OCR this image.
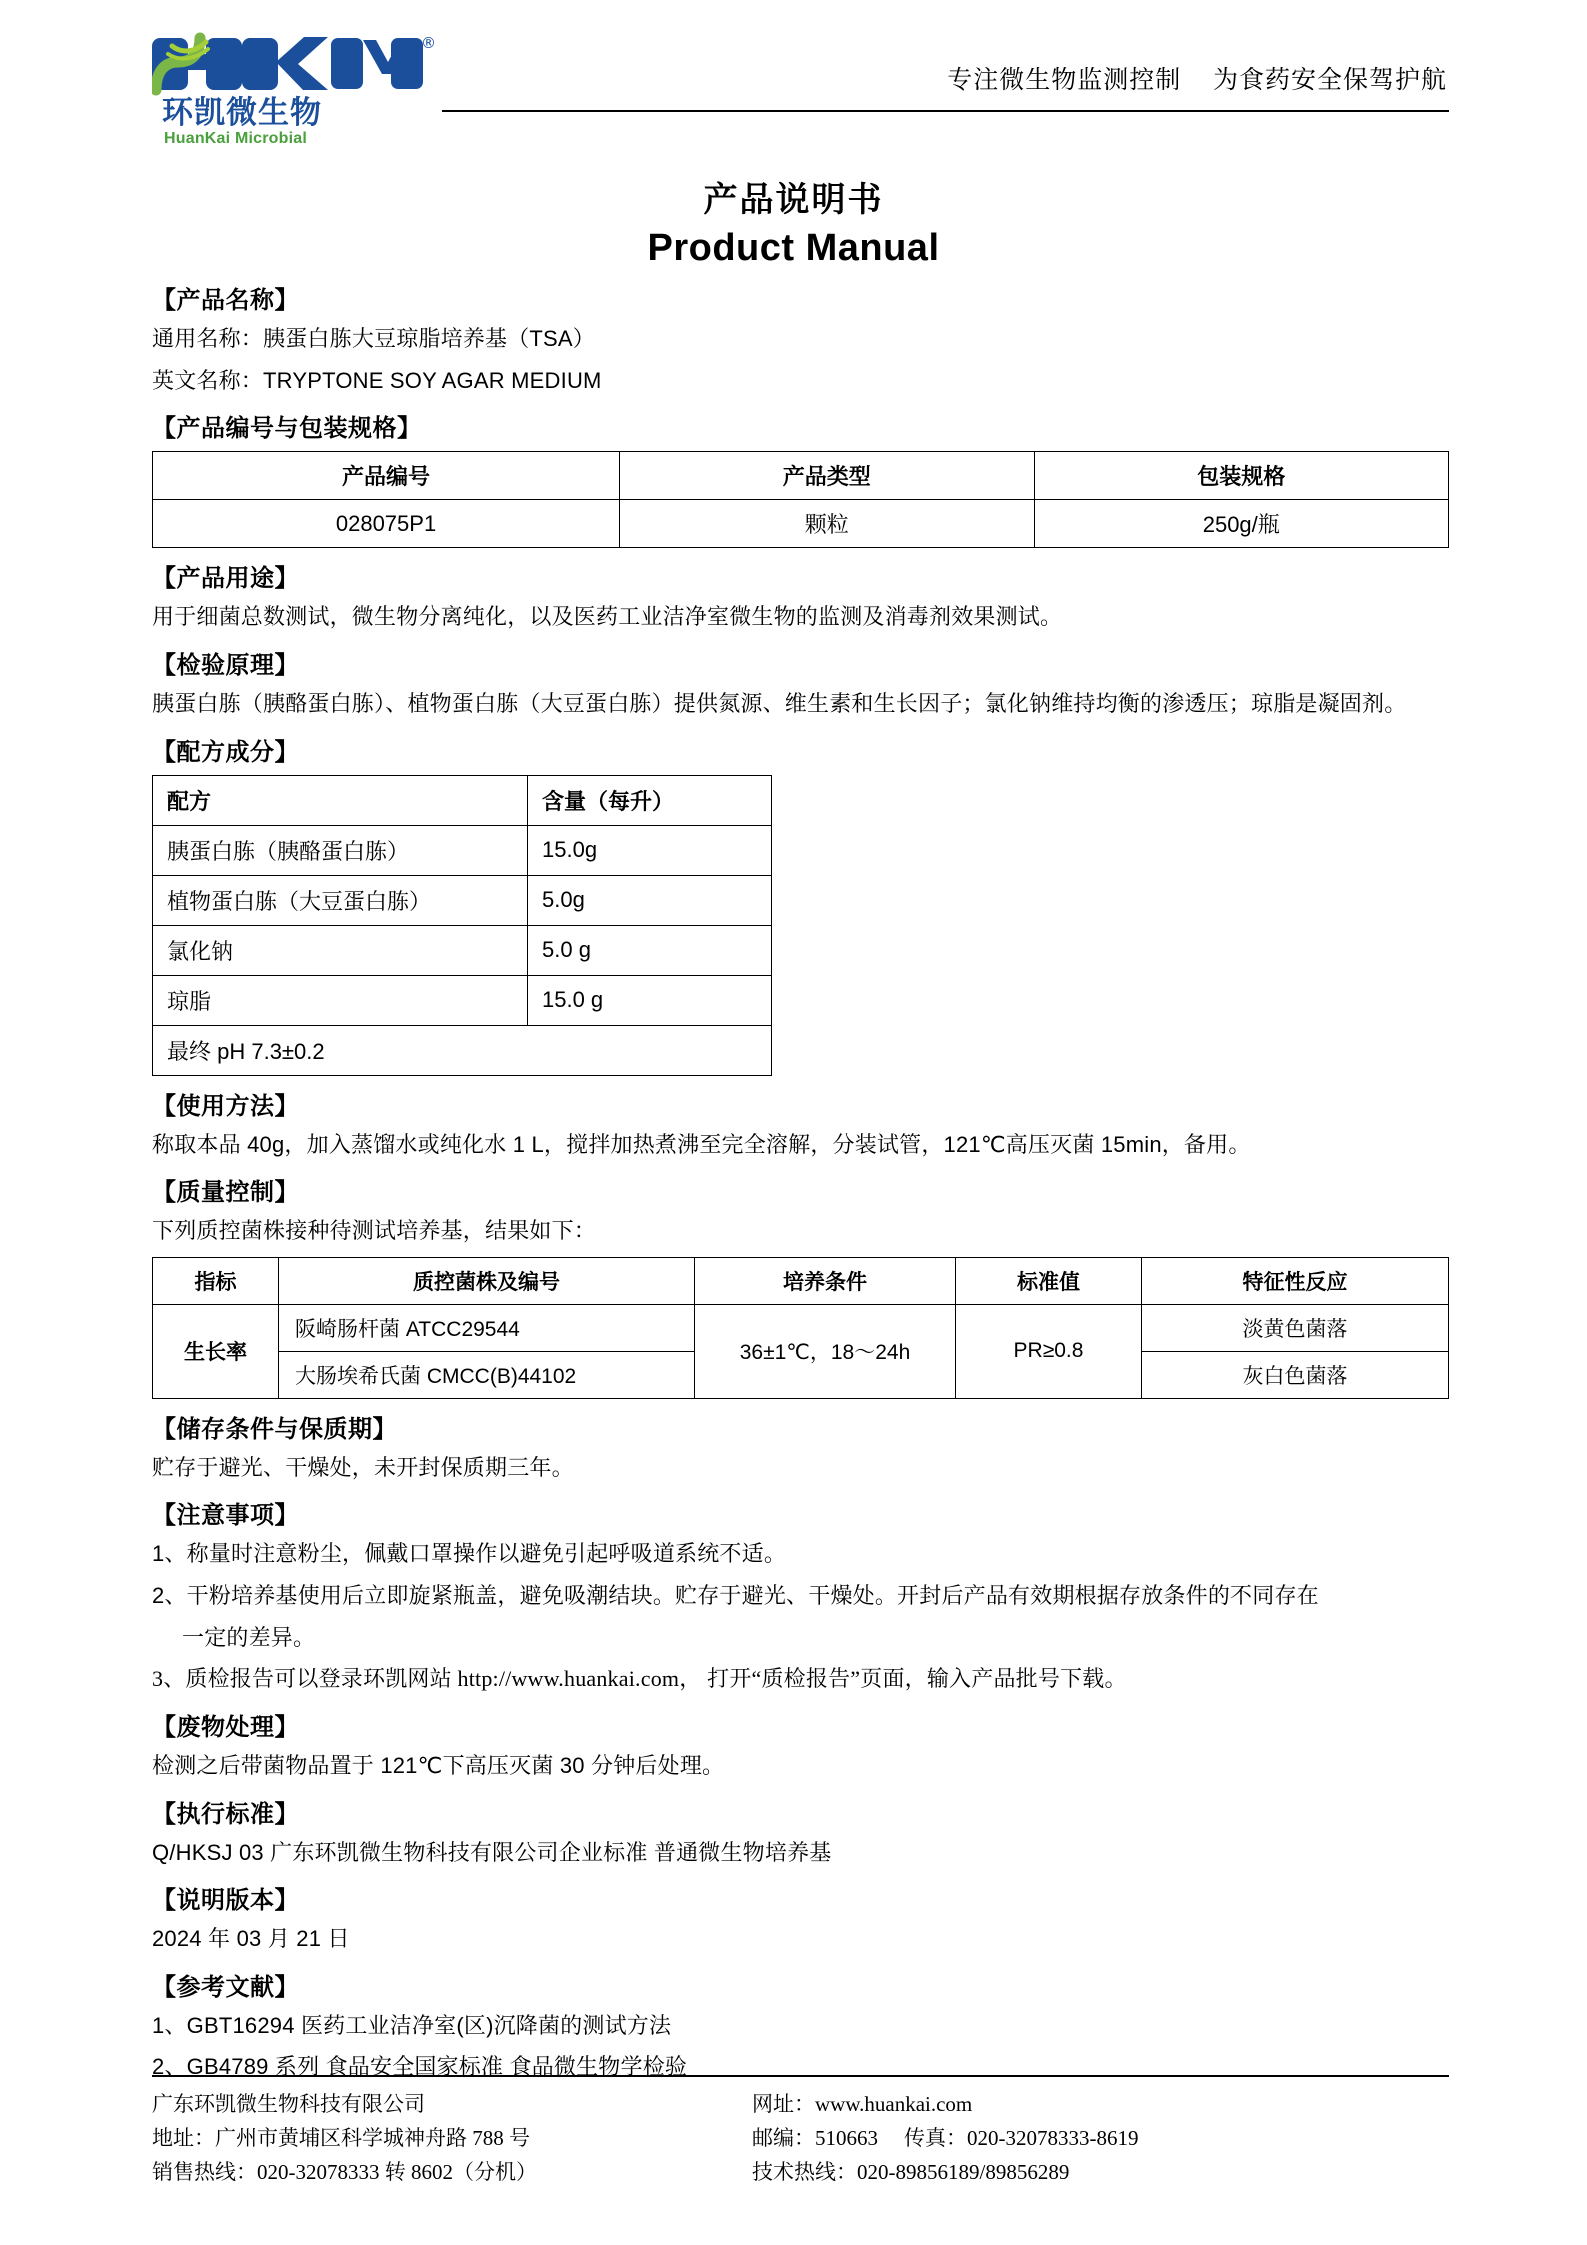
®
环凯微生物
HuanKai Microbial
专注微生物监测控制    为食药安全保驾护航
产品说明书
Product Manual
【产品名称】
通用名称：胰蛋白胨大豆琼脂培养基（TSA）
英文名称：TRYPTONE SOY AGAR MEDIUM
【产品编号与包装规格】
产品编号	产品类型	包装规格
028075P1	颗粒	250g/瓶
【产品用途】
用于细菌总数测试，微生物分离纯化，以及医药工业洁净室微生物的监测及消毒剂效果测试。
【检验原理】
胰蛋白胨（胰酪蛋白胨）、植物蛋白胨（大豆蛋白胨）提供氮源、维生素和生长因子；氯化钠维持均衡的渗透压；琼脂是凝固剂。
【配方成分】
配方	含量（每升）
胰蛋白胨（胰酪蛋白胨）	15.0g
植物蛋白胨（大豆蛋白胨）	5.0g
氯化钠	5.0 g
琼脂	15.0 g
最终 pH 7.3±0.2	
【使用方法】
称取本品 40g，加入蒸馏水或纯化水 1 L，搅拌加热煮沸至完全溶解，分装试管，121℃高压灭菌 15min，备用。
【质量控制】
下列质控菌株接种待测试培养基，结果如下：
指标	质控菌株及编号	培养条件	标准值	特征性反应
生长率	阪崎肠杆菌 ATCC29544	36±1℃，18～24h	PR≥0.8	淡黄色菌落
	大肠埃希氏菌 CMCC(B)44102			灰白色菌落
【储存条件与保质期】
贮存于避光、干燥处，未开封保质期三年。
【注意事项】
1、称量时注意粉尘，佩戴口罩操作以避免引起呼吸道系统不适。
2、干粉培养基使用后立即旋紧瓶盖，避免吸潮结块。贮存于避光、干燥处。开封后产品有效期根据存放条件的不同存在
一定的差异。
3、质检报告可以登录环凯网站 http://www.huankai.com， 打开“质检报告”页面，输入产品批号下载。
【废物处理】
检测之后带菌物品置于 121℃下高压灭菌 30 分钟后处理。
【执行标准】
Q/HKSJ 03 广东环凯微生物科技有限公司企业标准 普通微生物培养基
【说明版本】
2024 年 03 月 21 日
【参考文献】
1、GBT16294 医药工业洁净室(区)沉降菌的测试方法
2、GB4789 系列 食品安全国家标准 食品微生物学检验
广东环凯微生物科技有限公司
地址：广州市黄埔区科学城神舟路 788 号
销售热线：020-32078333 转 8602（分机）
网址：www.huankai.com
邮编：510663 传真：020-32078333-8619
技术热线：020-89856189/89856289
